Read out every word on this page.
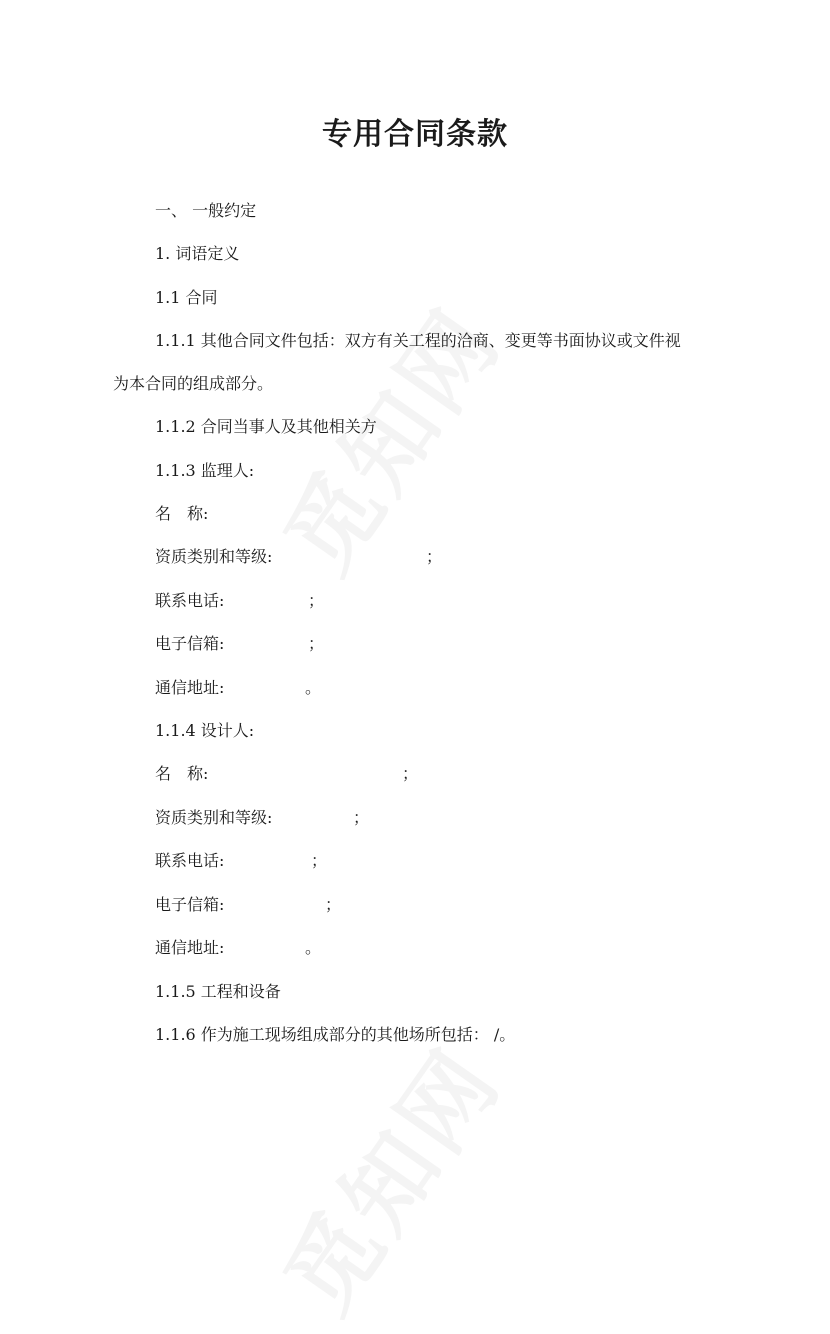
专用合同条款
一、 一般约定
1. 词语定义
1.1 合同
1.1.1 其他合同文件包括：双方有关工程的洽商、变更等书面协议或文件视
为本合同的组成部分。
1.1.2 合同当事人及其他相关方
1.1.3 监理人:
名　称:
资质类别和等级:	；
联系电话:	；
电子信箱:	；
通信地址:	。
1.1.4 设计人:
名　称:	；
资质类别和等级:	；
联系电话:	；
电子信箱:	；
通信地址:	。
1.1.5 工程和设备
1.1.6 作为施工现场组成部分的其他场所包括： /。
